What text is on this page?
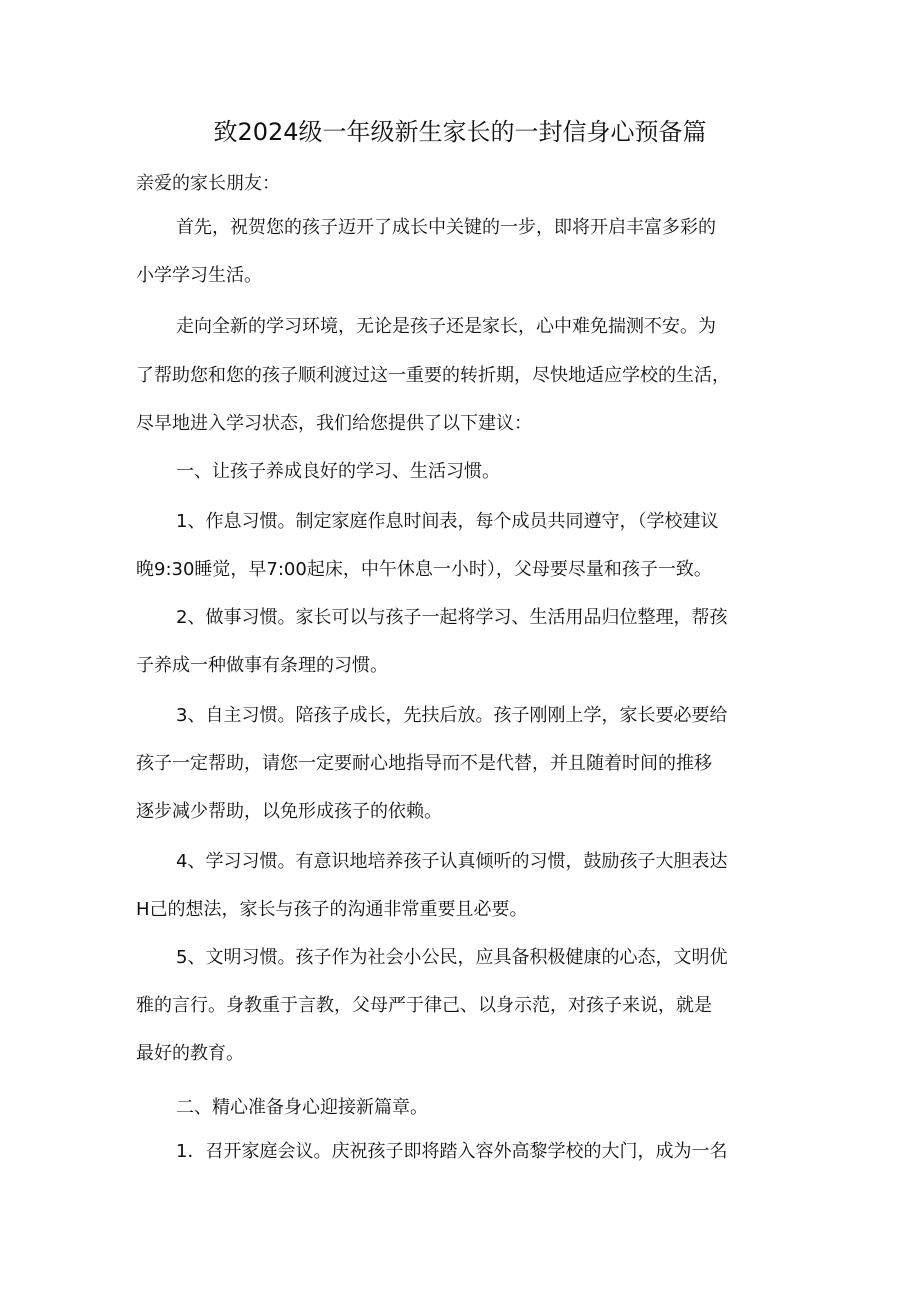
致2024级一年级新生家长的一封信身心预备篇
亲爱的家长朋友：
首先，祝贺您的孩子迈开了成长中关键的一步，即将开启丰富多彩的
小学学习生活。
走向全新的学习环境，无论是孩子还是家长，心中难免揣测不安。为
了帮助您和您的孩子顺利渡过这一重要的转折期，尽快地适应学校的生活，
尽早地进入学习状态，我们给您提供了以下建议：
一、让孩子养成良好的学习、生活习惯。
1、作息习惯。制定家庭作息时间表，每个成员共同遵守，（学校建议
晚9:30睡觉，早7:00起床，中午休息一小时），父母要尽量和孩子一致。
2、做事习惯。家长可以与孩子一起将学习、生活用品归位整理，帮孩
子养成一种做事有条理的习惯。
3、自主习惯。陪孩子成长，先扶后放。孩子刚刚上学，家长要必要给
孩子一定帮助，请您一定要耐心地指导而不是代替，并且随着时间的推移
逐步减少帮助，以免形成孩子的依赖。
4、学习习惯。有意识地培养孩子认真倾听的习惯，鼓励孩子大胆表达
H己的想法，家长与孩子的沟通非常重要且必要。
5、文明习惯。孩子作为社会小公民，应具备积极健康的心态，文明优
雅的言行。身教重于言教，父母严于律己、以身示范，对孩子来说，就是
最好的教育。
二、精心准备身心迎接新篇章。
1．召开家庭会议。庆祝孩子即将踏入容外高黎学校的大门，成为一名
